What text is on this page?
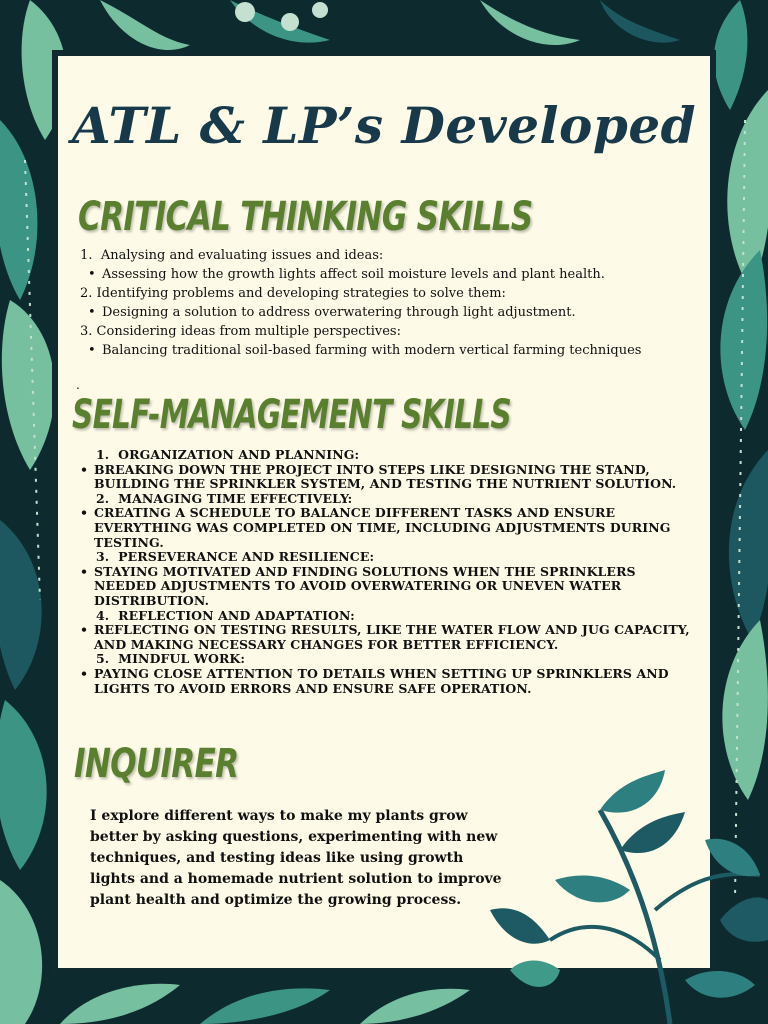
ATL & LP’s Developed
CRITICAL THINKING SKILLS
1. Analysing and evaluating issues and ideas:
• Assessing how the growth lights affect soil moisture levels and plant health.
2. Identifying problems and developing strategies to solve them:
• Designing a solution to address overwatering through light adjustment.
3. Considering ideas from multiple perspectives:
• Balancing traditional soil-based farming with modern vertical farming techniques
.
SELF-MANAGEMENT SKILLS
1. ORGANIZATION AND PLANNING:
• BREAKING DOWN THE PROJECT INTO STEPS LIKE DESIGNING THE STAND, BUILDING THE SPRINKLER SYSTEM, AND TESTING THE NUTRIENT SOLUTION.
2. MANAGING TIME EFFECTIVELY:
• CREATING A SCHEDULE TO BALANCE DIFFERENT TASKS AND ENSURE EVERYTHING WAS COMPLETED ON TIME, INCLUDING ADJUSTMENTS DURING TESTING.
3. PERSEVERANCE AND RESILIENCE:
• STAYING MOTIVATED AND FINDING SOLUTIONS WHEN THE SPRINKLERS NEEDED ADJUSTMENTS TO AVOID OVERWATERING OR UNEVEN WATER DISTRIBUTION.
4. REFLECTION AND ADAPTATION:
• REFLECTING ON TESTING RESULTS, LIKE THE WATER FLOW AND JUG CAPACITY, AND MAKING NECESSARY CHANGES FOR BETTER EFFICIENCY.
5. MINDFUL WORK:
• PAYING CLOSE ATTENTION TO DETAILS WHEN SETTING UP SPRINKLERS AND LIGHTS TO AVOID ERRORS AND ENSURE SAFE OPERATION.
INQUIRER

I explore different ways to make my plants grow better by asking questions, experimenting with new techniques, and testing ideas like using growth lights and a homemade nutrient solution to improve plant health and optimize the growing process.
